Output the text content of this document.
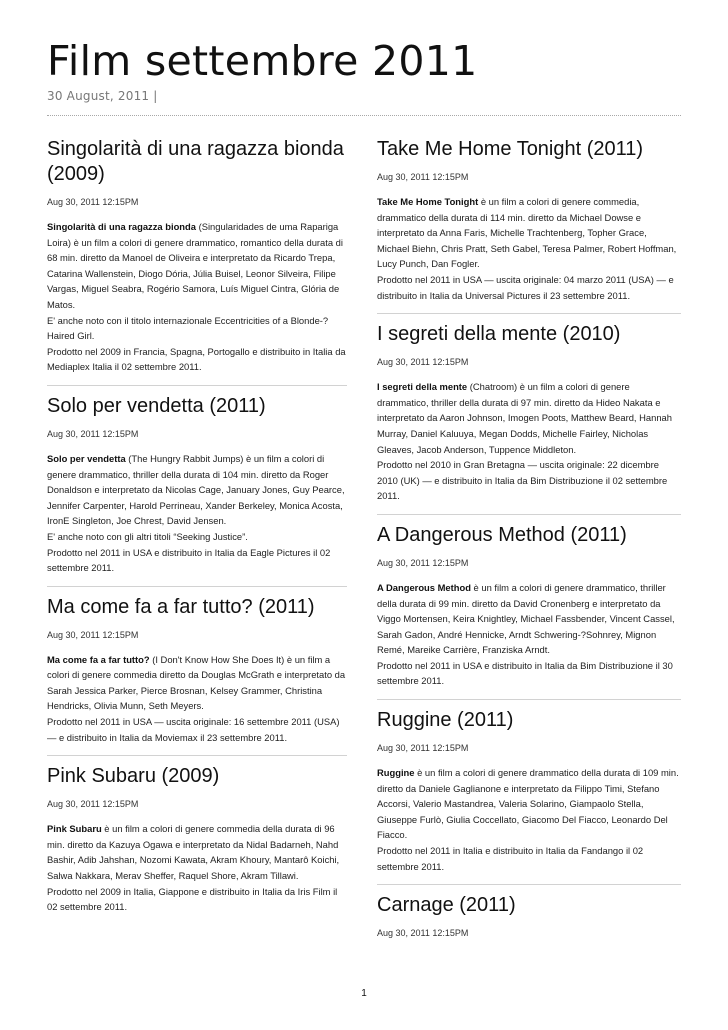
Film settembre 2011
30 August, 2011 |
Singolarità di una ragazza bionda (2009)
Aug 30, 2011 12:15PM
Singolarità di una ragazza bionda (Singularidades de uma Rapariga Loira) è un film a colori di genere drammatico, romantico della durata di 68 min. diretto da Manoel de Oliveira e interpretato da Ricardo Trepa, Catarina Wallenstein, Diogo Dória, Júlia Buisel, Leonor Silveira, Filipe Vargas, Miguel Seabra, Rogério Samora, Luís Miguel Cintra, Glória de Matos.
E' anche noto con il titolo internazionale Eccentricities of a Blonde-?Haired Girl.
Prodotto nel 2009 in Francia, Spagna, Portogallo e distribuito in Italia da Mediaplex Italia il 02 settembre 2011.
Solo per vendetta (2011)
Aug 30, 2011 12:15PM
Solo per vendetta (The Hungry Rabbit Jumps) è un film a colori di genere drammatico, thriller della durata di 104 min. diretto da Roger Donaldson e interpretato da Nicolas Cage, January Jones, Guy Pearce, Jennifer Carpenter, Harold Perrineau, Xander Berkeley, Monica Acosta, IronE Singleton, Joe Chrest, David Jensen.
E' anche noto con gli altri titoli “Seeking Justice”.
Prodotto nel 2011 in USA e distribuito in Italia da Eagle Pictures il 02 settembre 2011.
Ma come fa a far tutto? (2011)
Aug 30, 2011 12:15PM
Ma come fa a far tutto? (I Don't Know How She Does It) è un film a colori di genere commedia diretto da Douglas McGrath e interpretato da Sarah Jessica Parker, Pierce Brosnan, Kelsey Grammer, Christina Hendricks, Olivia Munn, Seth Meyers.
Prodotto nel 2011 in USA — uscita originale: 16 settembre 2011 (USA) — e distribuito in Italia da Moviemax il 23 settembre 2011.
Pink Subaru (2009)
Aug 30, 2011 12:15PM
Pink Subaru è un film a colori di genere commedia della durata di 96 min. diretto da Kazuya Ogawa e interpretato da Nidal Badarneh, Nahd Bashir, Adib Jahshan, Nozomi Kawata, Akram Khoury, Mantarô Koichi, Salwa Nakkara, Merav Sheffer, Raquel Shore, Akram Tillawi.
Prodotto nel 2009 in Italia, Giappone e distribuito in Italia da Iris Film il 02 settembre 2011.
Take Me Home Tonight (2011)
Aug 30, 2011 12:15PM
Take Me Home Tonight è un film a colori di genere commedia, drammatico della durata di 114 min. diretto da Michael Dowse e interpretato da Anna Faris, Michelle Trachtenberg, Topher Grace, Michael Biehn, Chris Pratt, Seth Gabel, Teresa Palmer, Robert Hoffman, Lucy Punch, Dan Fogler.
Prodotto nel 2011 in USA — uscita originale: 04 marzo 2011 (USA) — e distribuito in Italia da Universal Pictures il 23 settembre 2011.
I segreti della mente (2010)
Aug 30, 2011 12:15PM
I segreti della mente (Chatroom) è un film a colori di genere drammatico, thriller della durata di 97 min. diretto da Hideo Nakata e interpretato da Aaron Johnson, Imogen Poots, Matthew Beard, Hannah Murray, Daniel Kaluuya, Megan Dodds, Michelle Fairley, Nicholas Gleaves, Jacob Anderson, Tuppence Middleton.
Prodotto nel 2010 in Gran Bretagna — uscita originale: 22 dicembre 2010 (UK) — e distribuito in Italia da Bim Distribuzione il 02 settembre 2011.
A Dangerous Method (2011)
Aug 30, 2011 12:15PM
A Dangerous Method è un film a colori di genere drammatico, thriller della durata di 99 min. diretto da David Cronenberg e interpretato da Viggo Mortensen, Keira Knightley, Michael Fassbender, Vincent Cassel, Sarah Gadon, André Hennicke, Arndt Schwering-?Sohnrey, Mignon Remé, Mareike Carrière, Franziska Arndt.
Prodotto nel 2011 in USA e distribuito in Italia da Bim Distribuzione il 30 settembre 2011.
Ruggine (2011)
Aug 30, 2011 12:15PM
Ruggine è un film a colori di genere drammatico della durata di 109 min. diretto da Daniele Gaglianone e interpretato da Filippo Timi, Stefano Accorsi, Valerio Mastandrea, Valeria Solarino, Giampaolo Stella, Giuseppe Furlò, Giulia Coccellato, Giacomo Del Fiacco, Leonardo Del Fiacco.
Prodotto nel 2011 in Italia e distribuito in Italia da Fandango il 02 settembre 2011.
Carnage (2011)
Aug 30, 2011 12:15PM
1
